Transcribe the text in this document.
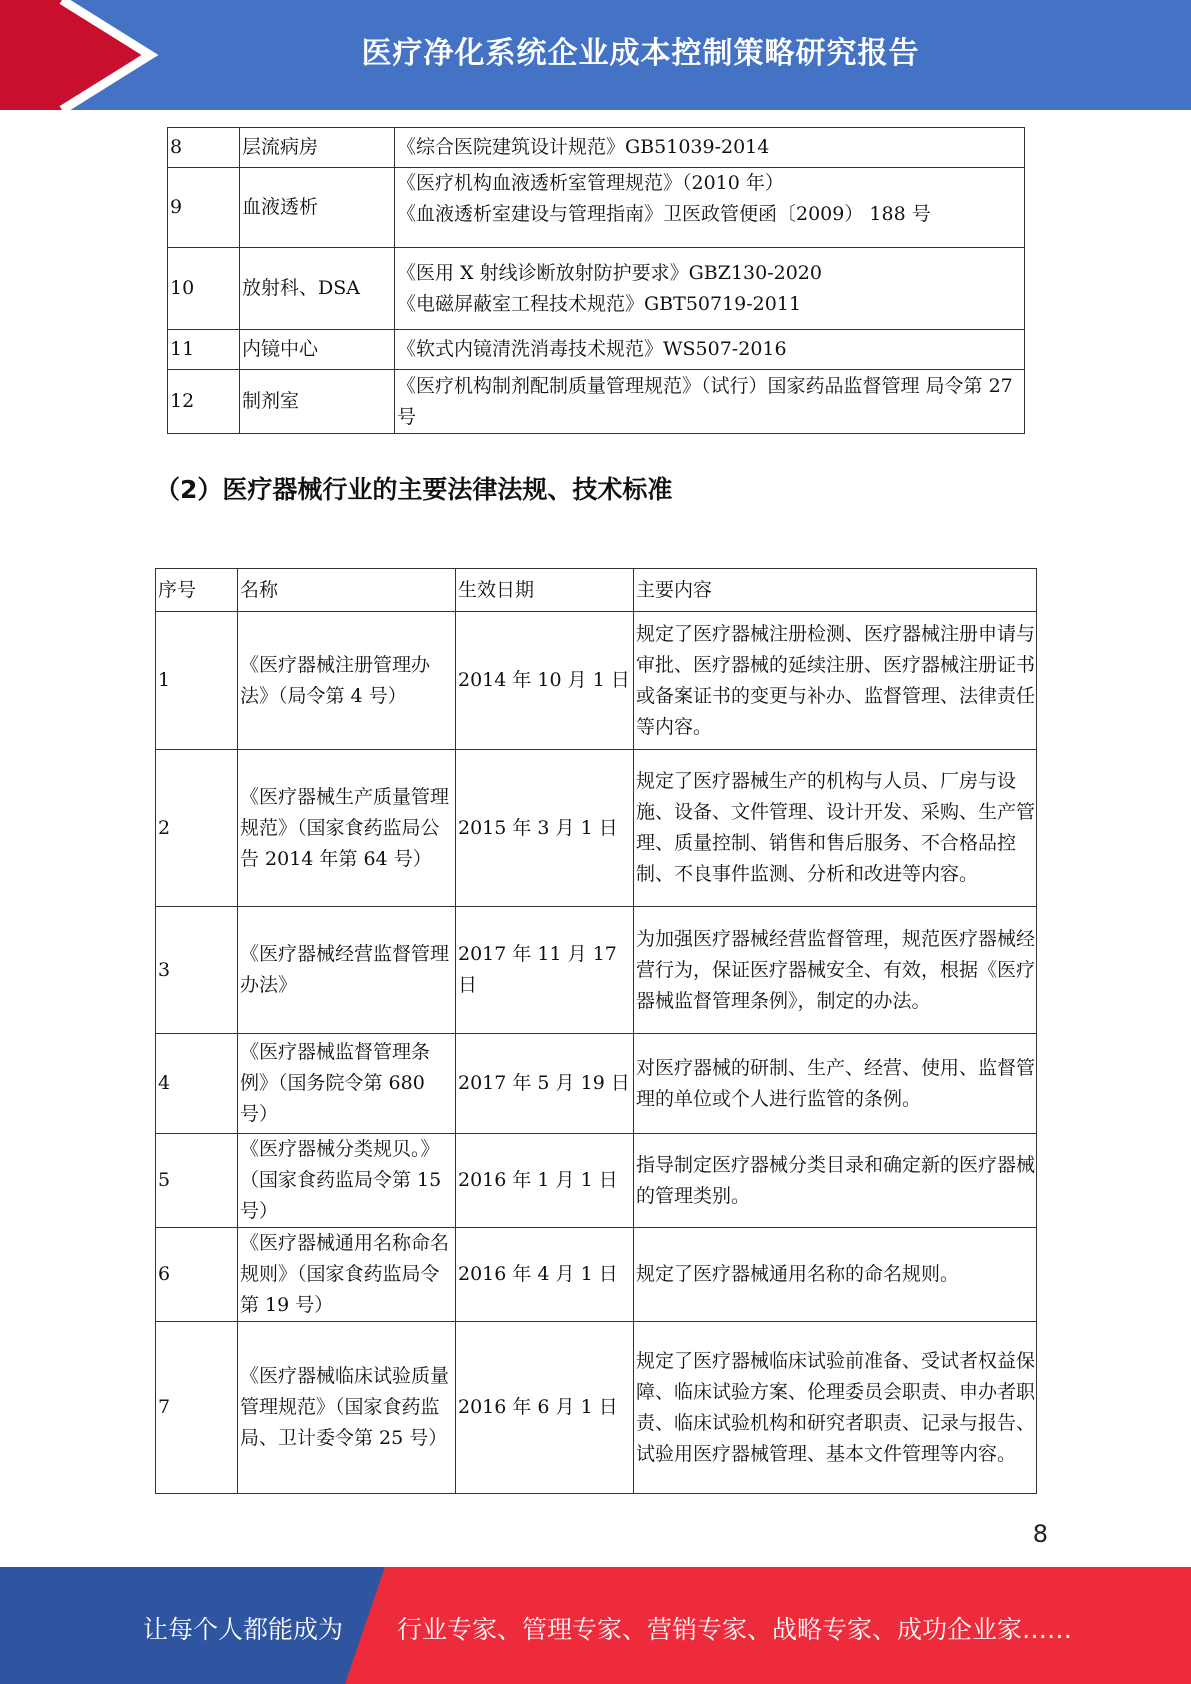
医疗净化系统企业成本控制策略研究报告
8	层流病房	《综合医院建筑设计规范》GB51039-2014

9	血液透析	《医疗机构血液透析室管理规范》（2010 年）
《血液透析室建设与管理指南》卫医政管便函〔2009） 188 号

10	放射科、DSA	《医用 X 射线诊断放射防护要求》GBZ130-2020
《电磁屏蔽室工程技术规范》GBT50719-2011

11	内镜中心	《软式内镜清洗消毒技术规范》WS507-2016

12	制剂室	《医疗机构制剂配制质量管理规范》（试行）国家药品监督管理 局令第 27 号
（2）医疗器械行业的主要法律法规、技术标准
序号	名称	生效日期	主要内容
1	《医疗器械注册管理办法》（局令第 4 号）	2014 年 10 月 1 日	规定了医疗器械注册检测、医疗器械注册申请与审批、医疗器械的延续注册、医疗器械注册证书或备案证书的变更与补办、监督管理、法律责任等内容。
2	《医疗器械生产质量管理规范》（国家食药监局公告 2014 年第 64 号）	2015 年 3 月 1 日	规定了医疗器械生产的机构与人员、厂房与设施、设备、文件管理、设计开发、采购、生产管理、质量控制、销售和售后服务、不合格品控制、不良事件监测、分析和改进等内容。
3	《医疗器械经营监督管理办法》	2017 年 11 月 17 日	为加强医疗器械经营监督管理，规范医疗器械经营行为，保证医疗器械安全、有效，根据《医疗器械监督管理条例》，制定的办法。
4	《医疗器械监督管理条例》（国务院令第 680 号）	2017 年 5 月 19 日	对医疗器械的研制、生产、经营、使用、监督管理的单位或个人进行监管的条例。
5	《医疗器械分类规贝。》（国家食药监局令第 15 号）	2016 年 1 月 1 日	指导制定医疗器械分类目录和确定新的医疗器械的管理类别。
6	《医疗器械通用名称命名规则》（国家食药监局令第 19 号）	2016 年 4 月 1 日	规定了医疗器械通用名称的命名规则。
7	《医疗器械临床试验质量管理规范》（国家食药监局、卫计委令第 25 号）	2016 年 6 月 1 日	规定了医疗器械临床试验前准备、受试者权益保障、临床试验方案、伦理委员会职责、申办者职责、临床试验机构和研究者职责、记录与报告、试验用医疗器械管理、基本文件管理等内容。
8
让每个人都能成为 行业专家、管理专家、营销专家、战略专家、成功企业家……
